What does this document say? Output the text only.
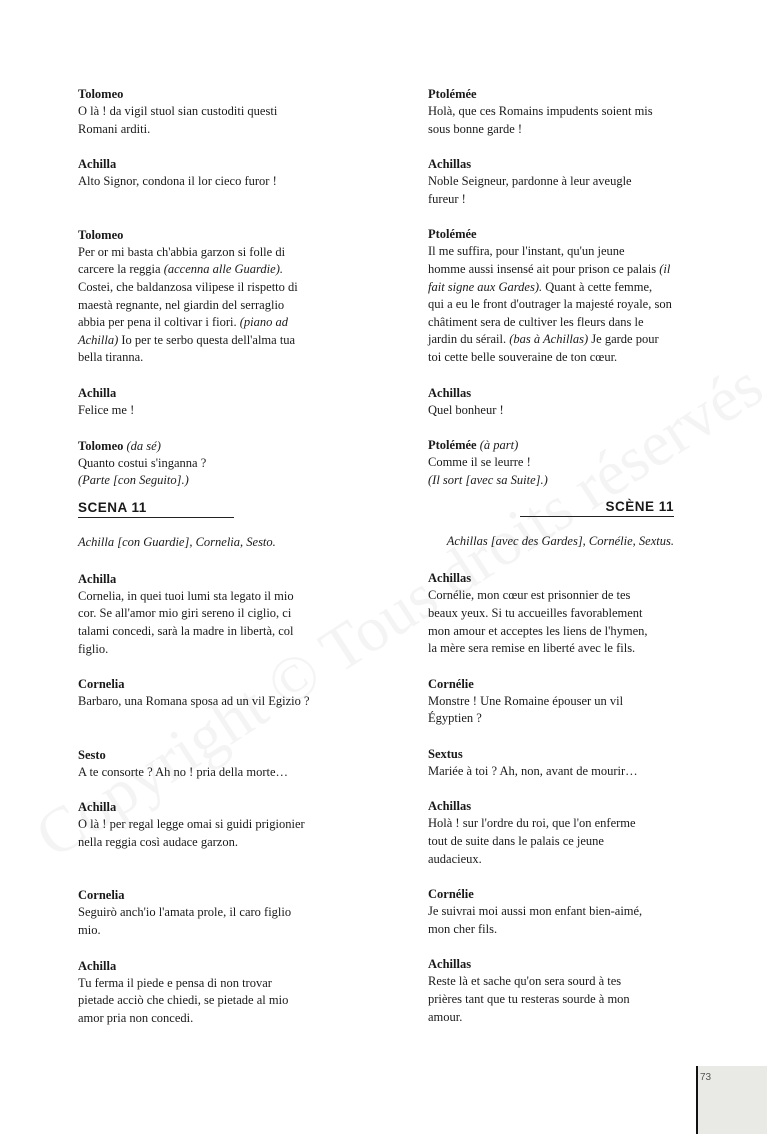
Tolomeo
O là ! da vigil stuol sian custoditi questi
Romani arditi.
Achilla
Alto Signor, condona il lor cieco furor !
Tolomeo
Per or mi basta ch'abbia garzon si folle di
carcere la reggia (accenna alle Guardie).
Costei, che baldanzosa vilipese il rispetto di
maestà regnante, nel giardin del serraglio
abbia per pena il coltivar i fiori. (piano ad
Achilla) Io per te serbo questa dell'alma tua
bella tiranna.
Achilla
Felice me !
Tolomeo (da sé)
Quanto costui s'inganna ?
(Parte [con Seguito].)
SCENA 11
Achilla [con Guardie], Cornelia, Sesto.
Achilla
Cornelia, in quei tuoi lumi sta legato il mio
cor. Se all'amor mio giri sereno il ciglio, ci
talami concedi, sarà la madre in libertà, col
figlio.
Cornelia
Barbaro, una Romana sposa ad un vil Egizio ?
Sesto
A te consorte ? Ah no ! pria della morte…
Achilla
O là ! per regal legge omai si guidi prigionier
nella reggia così audace garzon.
Cornelia
Seguirò anch'io l'amata prole, il caro figlio
mio.
Achilla
Tu ferma il piede e pensa di non trovar
pietade acciò che chiedi, se pietade al mio
amor pria non concedi.
Ptolémée
Holà, que ces Romains impudents soient mis
sous bonne garde !
Achillas
Noble Seigneur, pardonne à leur aveugle
fureur !
Ptolémée
Il me suffira, pour l'instant, qu'un jeune
homme aussi insensé ait pour prison ce palais (il
fait signe aux Gardes). Quant à cette femme,
qui a eu le front d'outrager la majesté royale, son
châtiment sera de cultiver les fleurs dans le
jardin du sérail. (bas à Achillas) Je garde pour
toi cette belle souveraine de ton cœur.
Achillas
Quel bonheur !
Ptolémée (à part)
Comme il se leurre !
(Il sort [avec sa Suite].)
SCÈNE 11
Achillas [avec des Gardes], Cornélie, Sextus.
Achillas
Cornélie, mon cœur est prisonnier de tes
beaux yeux. Si tu accueilles favorablement
mon amour et acceptes les liens de l'hymen,
la mère sera remise en liberté avec le fils.
Cornélie
Monstre ! Une Romaine épouser un vil
Égyptien ?
Sextus
Mariée à toi ? Ah, non, avant de mourir…
Achillas
Holà ! sur l'ordre du roi, que l'on enferme
tout de suite dans le palais ce jeune
audacieux.
Cornélie
Je suivrai moi aussi mon enfant bien-aimé,
mon cher fils.
Achillas
Reste là et sache qu'on sera sourd à tes
prières tant que tu resteras sourde à mon
amour.
73
